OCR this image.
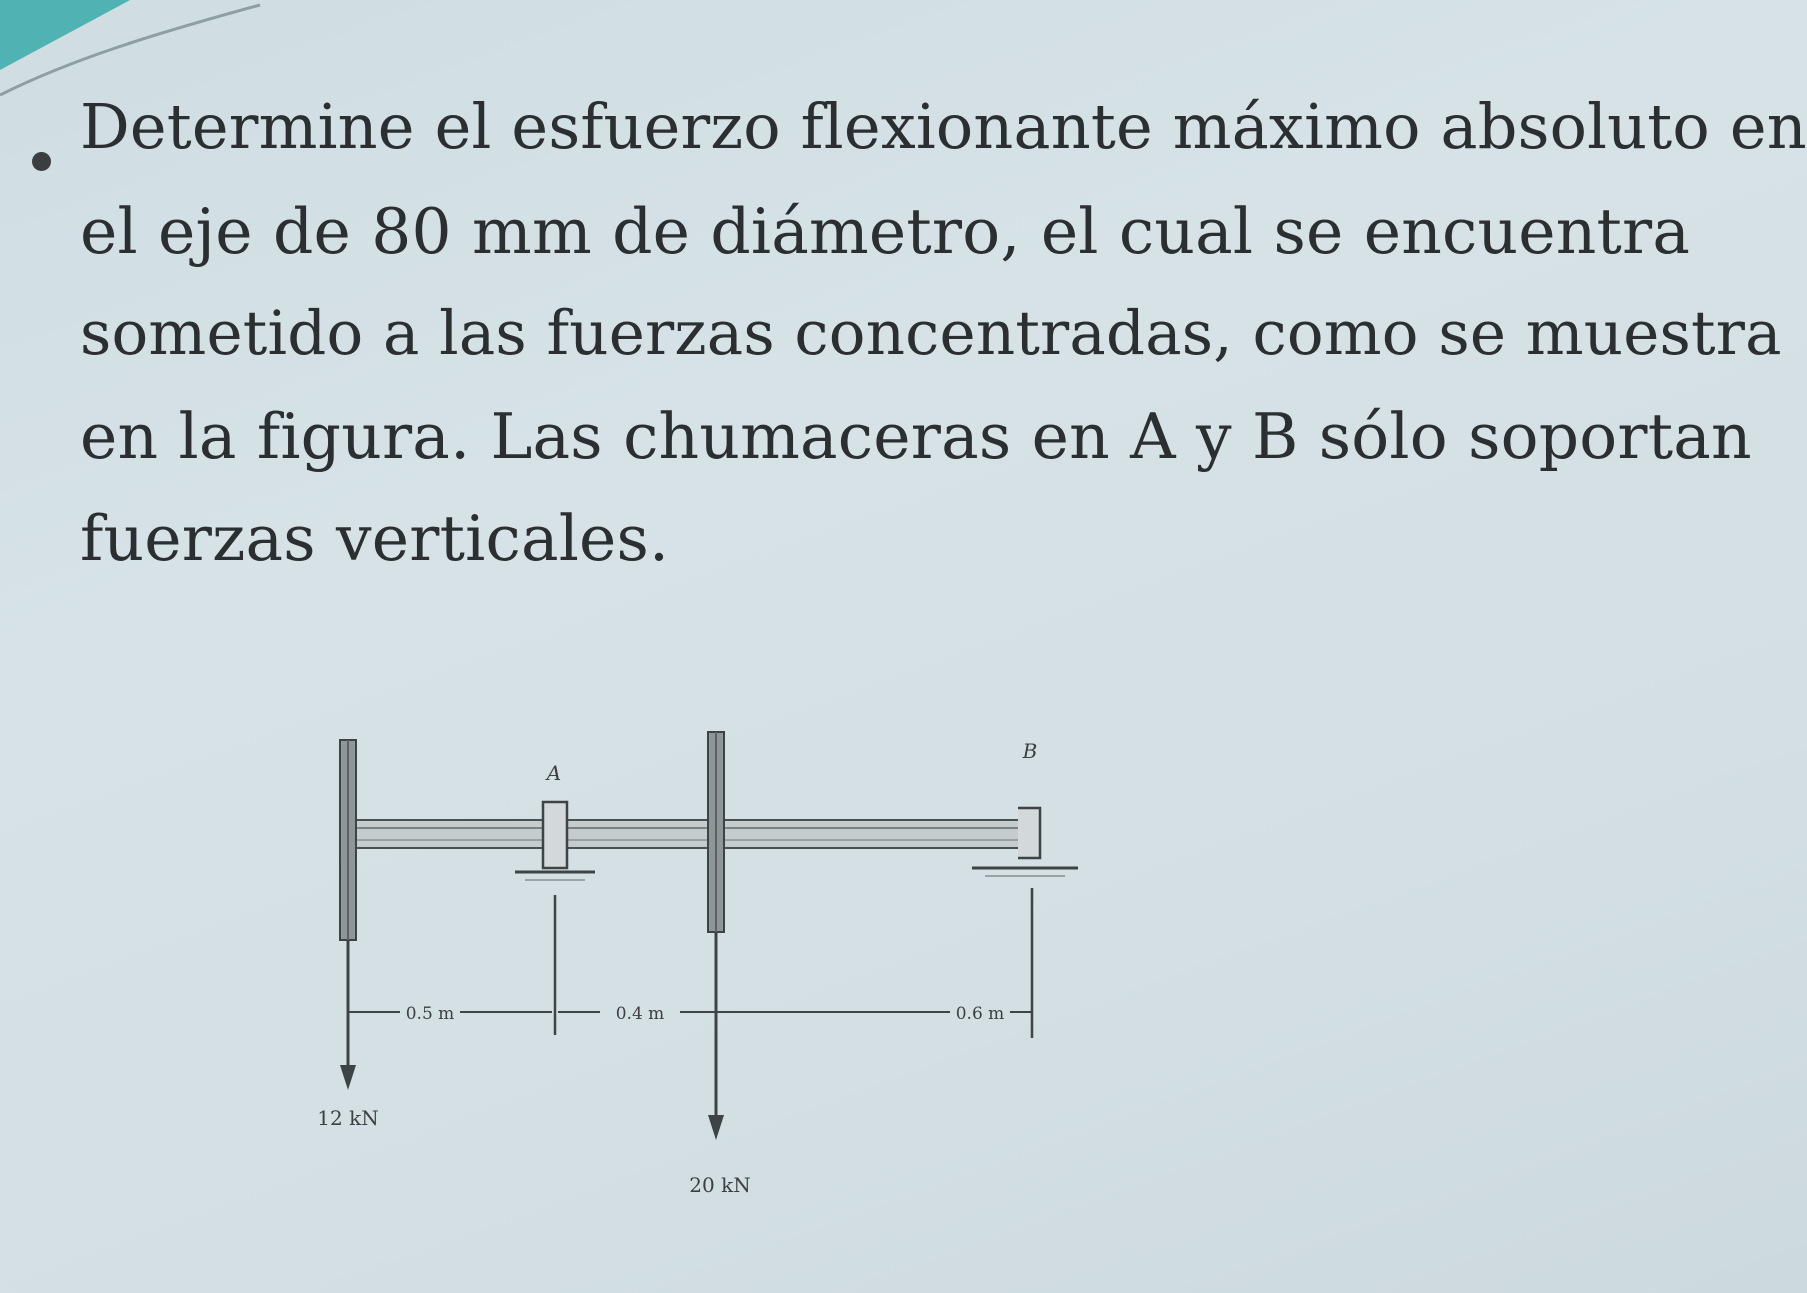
Determine el esfuerzo flexionante máximo absoluto en

el eje de 80 mm de diámetro, el cual se encuentra

sometido a las fuerzas concentradas, como se muestra

en la figura. Las chumaceras en A y B sólo soportan

fuerzas verticales.

A
B
0.5 m	0.4 m	0.6 m
12 kN
20 kN
